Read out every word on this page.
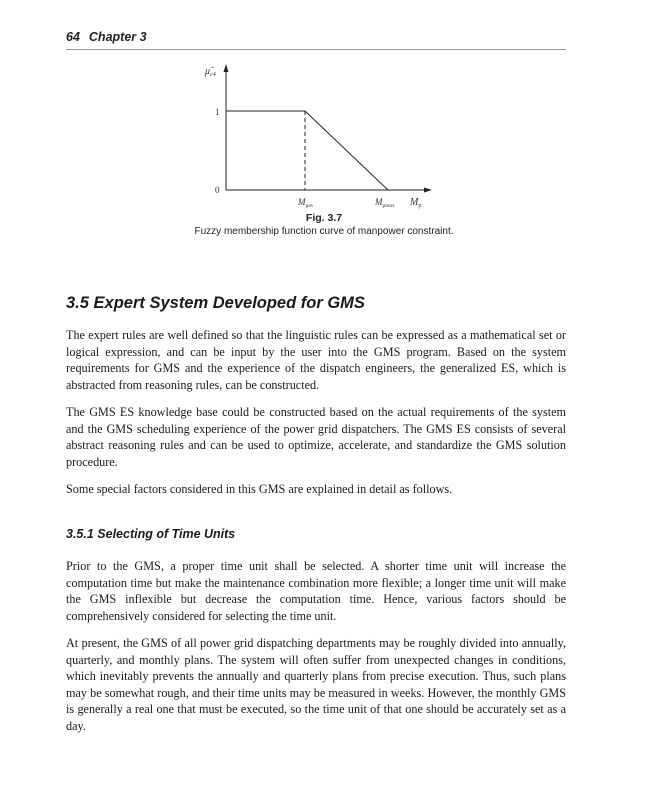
64 Chapter 3
$\mũ_{c4}$
1
0
$M_{pav}$	$M_{pmax}$ $M_p$
Fig. 3.7
Fuzzy membership function curve of manpower constraint.
3.5 Expert System Developed for GMS

The expert rules are well defined so that the linguistic rules can be expressed as a mathematical set or logical expression, and can be input by the user into the GMS program. Based on the system requirements for GMS and the experience of the dispatch engineers, the generalized ES, which is abstracted from reasoning rules, can be constructed.

The GMS ES knowledge base could be constructed based on the actual requirements of the system and the GMS scheduling experience of the power grid dispatchers. The GMS ES consists of several abstract reasoning rules and can be used to optimize, accelerate, and standardize the GMS solution procedure.

Some special factors considered in this GMS are explained in detail as follows.

3.5.1 Selecting of Time Units

Prior to the GMS, a proper time unit shall be selected. A shorter time unit will increase the computation time but make the maintenance combination more flexible; a longer time unit will make the GMS inflexible but decrease the computation time. Hence, various factors should be comprehensively considered for selecting the time unit.

At present, the GMS of all power grid dispatching departments may be roughly divided into annually, quarterly, and monthly plans. The system will often suffer from unexpected changes in conditions, which inevitably prevents the annually and quarterly plans from precise execution. Thus, such plans may be somewhat rough, and their time units may be measured in weeks. However, the monthly GMS is generally a real one that must be executed, so the time unit of that one should be accurately set as a day.
